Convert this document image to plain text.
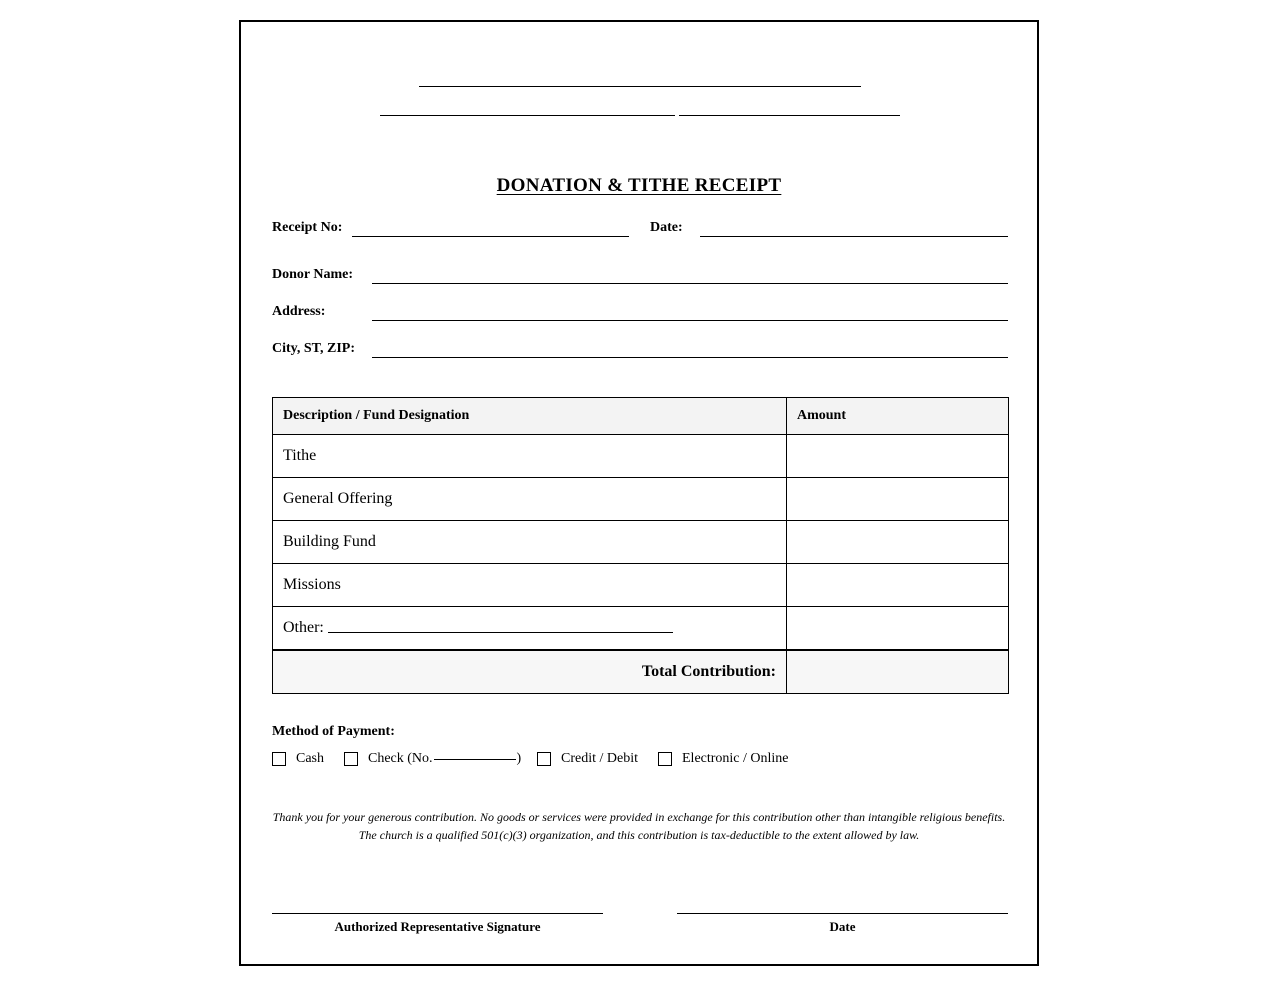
DONATION & TITHE RECEIPT
Receipt No:	Date:
Donor Name:
Address:
City, ST, ZIP:
Description / Fund Designation	Amount
Tithe	
General Offering	
Building Fund	
Missions	
Other:	
Total Contribution:	
Method of Payment:
Cash	Check (No.	)	Credit / Debit	Electronic / Online
Thank you for your generous contribution. No goods or services were provided in exchange for this contribution other than intangible religious benefits.
The church is a qualified 501(c)(3) organization, and this contribution is tax-deductible to the extent allowed by law.
Authorized Representative Signature	Date
